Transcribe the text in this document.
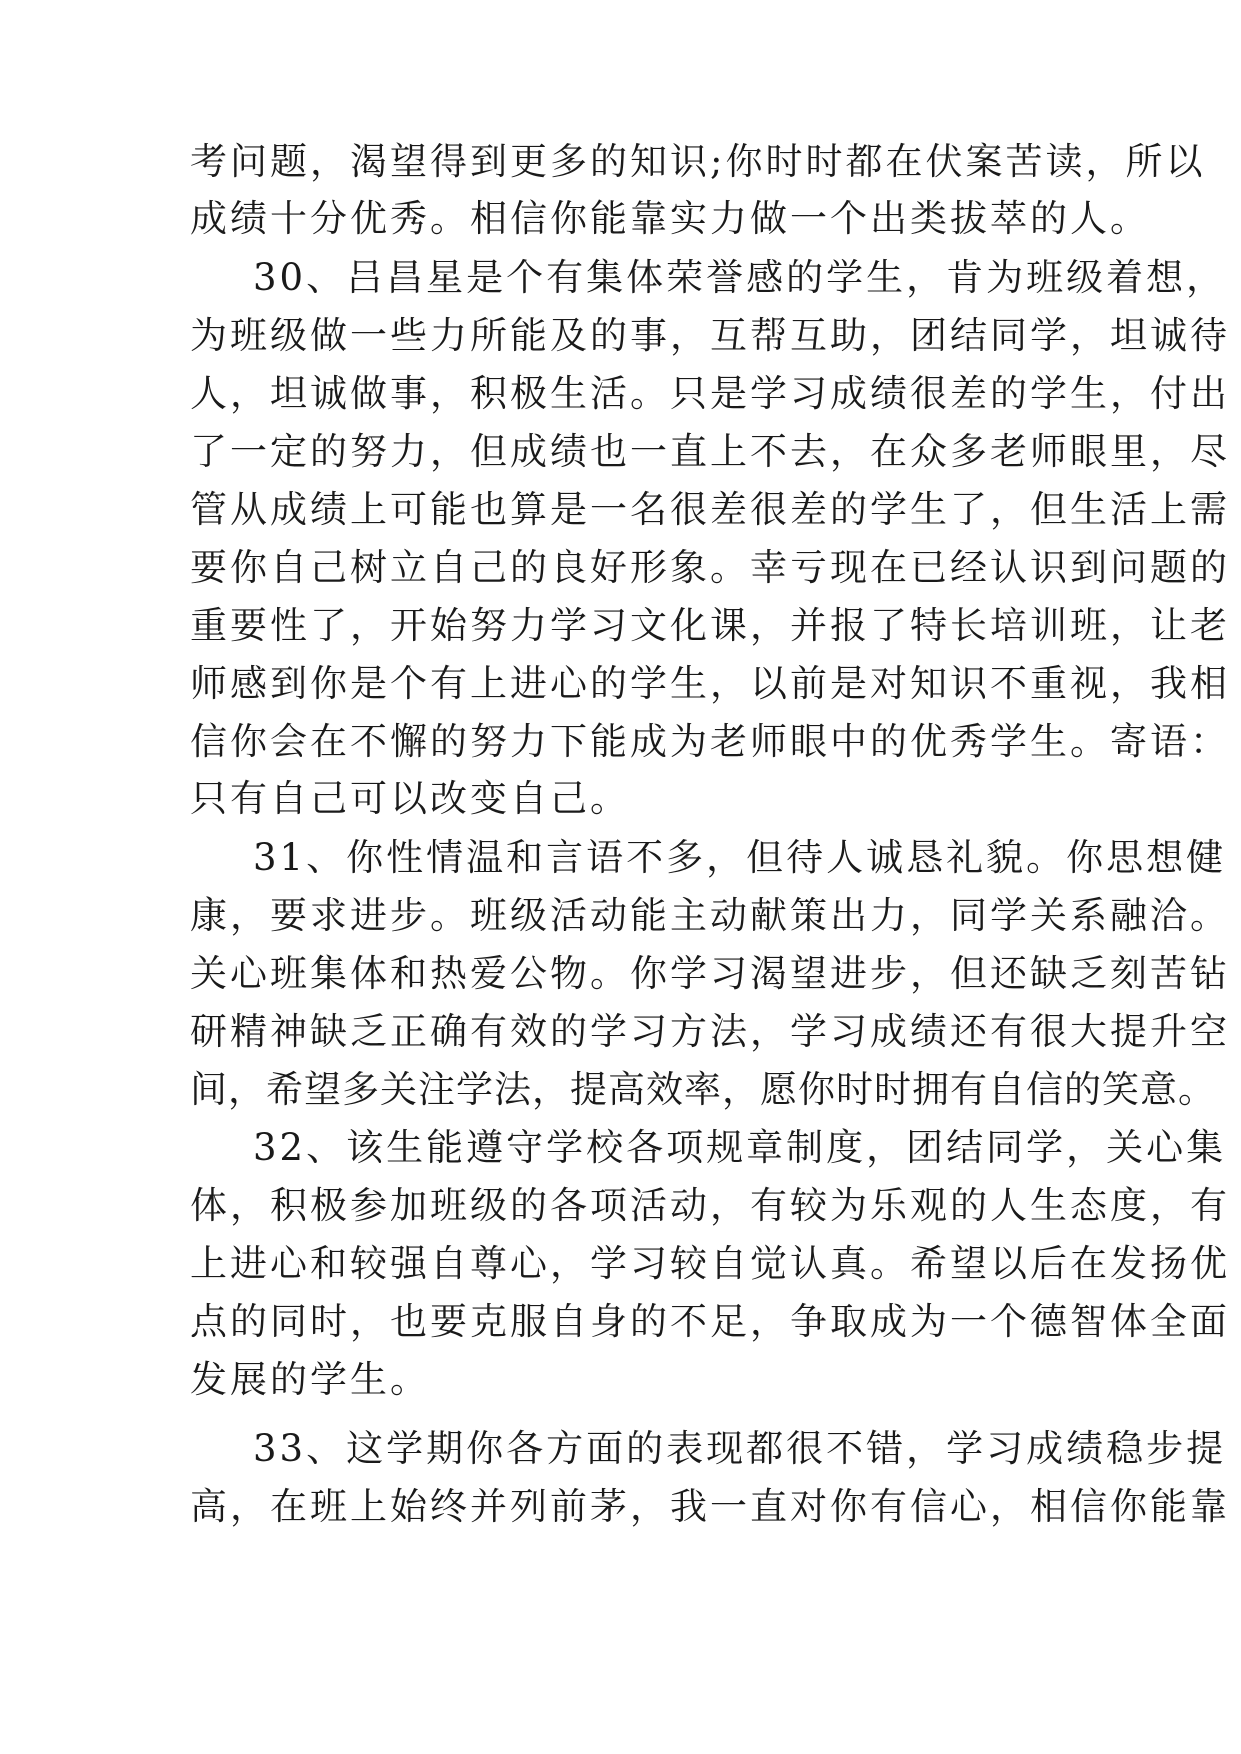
考问题，渴望得到更多的知识;你时时都在伏案苦读，所以
成绩十分优秀。相信你能靠实力做一个出类拔萃的人。
30、吕昌星是个有集体荣誉感的学生，肯为班级着想，
为班级做一些力所能及的事，互帮互助，团结同学，坦诚待
人，坦诚做事，积极生活。只是学习成绩很差的学生，付出
了一定的努力，但成绩也一直上不去，在众多老师眼里，尽
管从成绩上可能也算是一名很差很差的学生了，但生活上需
要你自己树立自己的良好形象。幸亏现在已经认识到问题的
重要性了，开始努力学习文化课，并报了特长培训班，让老
师感到你是个有上进心的学生，以前是对知识不重视，我相
信你会在不懈的努力下能成为老师眼中的优秀学生。寄语：
只有自己可以改变自己。
31、你性情温和言语不多，但待人诚恳礼貌。你思想健
康，要求进步。班级活动能主动献策出力，同学关系融洽。
关心班集体和热爱公物。你学习渴望进步，但还缺乏刻苦钻
研精神缺乏正确有效的学习方法，学习成绩还有很大提升空
间，希望多关注学法，提高效率，愿你时时拥有自信的笑意。
32、该生能遵守学校各项规章制度，团结同学，关心集
体，积极参加班级的各项活动，有较为乐观的人生态度，有
上进心和较强自尊心，学习较自觉认真。希望以后在发扬优
点的同时，也要克服自身的不足，争取成为一个德智体全面
发展的学生。
33、这学期你各方面的表现都很不错，学习成绩稳步提
高，在班上始终并列前茅，我一直对你有信心，相信你能靠
